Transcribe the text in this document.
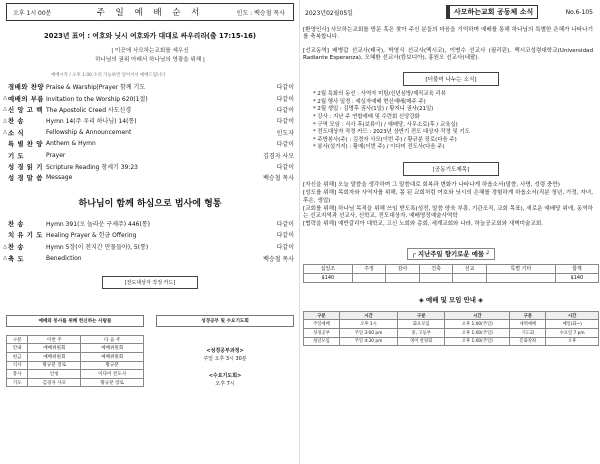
오후 1시 00분	주 일 예 배 순 서	인도 : 백승철 목사
2023년 표어 : 여호와 닛시 여호와가 대대로 싸우리라(출 17:15-16)
| 이곳에 사모하는교회를 세우신
하나님의 권위 아래서 하나님의 영광을 위해 |
예배시작 / 오후 1:00 소리 가능하면 일어서서 예배드립니다
경배와 찬양 Praise & Warship|Prayer 함께 기도	다같이
△ 예배의 부름 Invitation to the Worship 620(1절)	다같이
△ 신 앙 고 백 The Apostolic Creed 사도신경	다같이
△ 찬 송	Hymn 14(주 우리 하나님) 14(통)	다같이
△ 소 식	Fellowship & Announcement	인도자
특 별 찬 양 Anthem & Hymn	다같이
기 도	Prayer	김경자 사모
성 경 읽 기 Scripture Reading 창세기 39:23	다같이
성 경 말 씀 Message	백승철 목사
하나님이 함께 하심으로 범사에 형통
찬 송	Hymn 391(오 놀라운 구세주) 446(통)	다같이
치 유 기 도 Healing Prayer & 헌금 Offering	다같이
△ 찬 송	Hymn 5장(이 천지간 만물들아), 5(통)	다같이
△ 축 도	Benediction	백승철 목사
[전도대상자 작정 카드]
예배와 봉사를 위해 헌신하는 사람들
구분	이번 주	다 음 주
안내	예배위원회	예배위원회
헌금	예배위원회	예배위원회
식사	황규분 장로	황규분
봉사	안칭	이다미 전도사
기도	김경자 사모	황규분 장로
성경공부 및 수요기도회
<성경공부과정>
주일 오후 3시 30분
<수요기도회>
오후 7시
2023년02월05일	사모하는교회 공동체 소식	No.6-105

[환영인사] 사모하는교회를 방문 혹은 찾아 주신 분들의 마음을 기억하며 예배를 통해 하나님의 특별한 은혜가 나타나기를 축복합니다.

[선교동역] 배병갑 선교사(태국), 박영식 선교사(멕시코), 이병수 선교사 (필리핀), 멕시코성령대학교(Universidad Radiante Esperanza), 오혜환 선교사(캄보디아), 홍원오 선교사(네팔).

[더불어 나누는 소식]
* 2월 특화의 동선 : 사역자 미팅/신년심방/제직교육 리뷰
* 2월 행사 일정 : 예실자예배 현신예배(매주 주)
* 2월 생일 : 김명후 권사(1일) / 황지니 권사(21일)
* 강사 : 지난 주 연합예배 및 수련회 신앙강화
* 구역 모임 : 식사 후(보류이) / 예배당, 사무소로(후 / 교육실)
* 전도대상자 작정 카드 : 2023년 상반기 전도 대상자 작정 및 기도
* 주방봉사(주) : 김경자 사모(이번 주) / 황규분 장로(다음 주)
* 봉사(설거지) : 황예(이번 주) / 이다미 전도사(다음 주)
[공동기도제목]

[자신을 위해] 오늘 말씀을 생각하며 그 말씀대로 회복과 변화가 나타나게 하옵소서(말씀, 사명, 성령 충만)

[성도를 위해] 목회자와 사역자를 위해, 몸 된 교회처럼 여호와 닛시의 은혜를 경험하게 하옵소서(직분 청년, 가정, 자녀, 후손, 생업)

[교회를 위해] 하나님 목적을 위해 쓰임 받도록(성전, 말씀 양육 부흥, 기관조직, 교회 목표), 새로운 예배당 위에, 동역하는 선교지역과 선교사, 신학교, 전도대상자, 예배영정예술사역학

[협력을 위해] 예반갈리아 대학교, 고신 노회와 총회, 세계교회와 나라, 하늘공교회와 새벽미술교회.

┌ 지난주일 향기로운 예물 ┘
십일조	주정	감사	건축	선교	특별 기타	합계
$140						$140
◈ 예배 및 모임 안내 ◈
구분	시간	구분	시간	구분	시간
주일예배	오후 1시	화요모임	오후 1:00(주일)	새벽예배	매일(화~)
성경공부	주일 3:00 pm	중, 고등부	오후 1:00(주일)	기도회	수요일 7 pm
청년모임	주일 4:30 pm	영어 찬양회	오후 1:00(주일)	문화강좌	오후
